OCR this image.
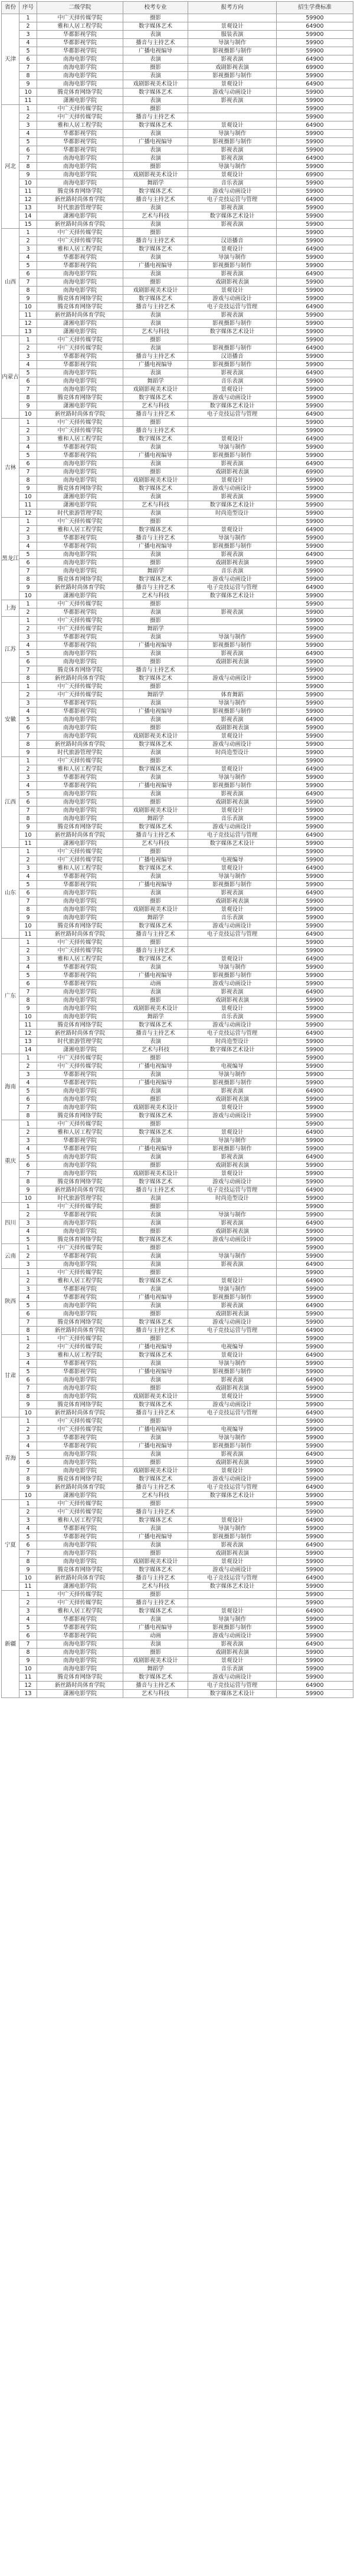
省份	序号	二级学院	校考专业	报考方向	招生学费标准
天津	1	中广天择传媒学院	摄影		59900
	2	雅和人居工程学院	数字媒体艺术	景观设计	64900
	3	华都影视学院	表演	服装表演	59900
	4	华都影视学院	播音与主持艺术	导演与制作	59900
	5	华都影视学院	广播电视编导	影视摄影与制作	59900
	6	南海电影学院	表演	影视表演	64900
	7	南海电影学院	摄影	戏剧影视表演	69900
	8	南海电影学院	表演	影视摄影与制作	59900
	9	南海电影学院	戏剧影视美术设计	景观设计	64900
	10	腾竞体育网络学院	数字媒体艺术	游戏与动画设计	59900
	11	潇湘电影学院	表演	影视表演	59900
河北	1	中广天择传媒学院	摄影		59900
	2	中广天择传媒学院	播音与主持艺术		59900
	3	雅和人居工程学院	数字媒体艺术	景观设计	64900
	4	华都影视学院	表演	导演与制作	59900
	5	华都影视学院	广播电视编导	影视摄影与制作	59900
	6	华都影视学院	表演	影视表演	59900
	7	南海电影学院	表演	影视表演	64900
	8	南海电影学院	摄影	导演与制作	59900
	9	南海电影学院	戏剧影视美术设计	景观设计	69900
	10	南海电影学院	舞蹈学	音乐表演	59900
	11	腾竞体育网络学院	数字媒体艺术	游戏与动画设计	59900
	12	新丝路时尚体育学院	播音与主持艺术	电子竞技运营与管理	64900
	13	时代旅游管理学院	表演	影视表演	59900
	14	潇湘电影学院	艺术与科技	数字媒体艺术设计	59900
	15	新丝路时尚体育学院	表演	影视表演	59900
山西	1	中广天择传媒学院	摄影		59900
	2	中广天择传媒学院	播音与主持艺术	汉语播音	59900
	3	雅和人居工程学院	数字媒体艺术	景观设计	64900
	4	华都影视学院	表演	导演与制作	59900
	5	华都影视学院	广播电视编导	影视摄影与制作	59900
	6	南海电影学院	表演	影视表演	64900
	7	南海电影学院	摄影	戏剧影视表演	59900
	8	南海电影学院	戏剧影视美术设计	景观设计	59900
	9	腾竞体育网络学院	数字媒体艺术	游戏与动画设计	59900
	10	腾竞体育网络学院	播音与主持艺术	电子竞技运营与管理	64900
	11	新丝路时尚体育学院	表演	影视表演	59900
	12	潇湘电影学院	表演	影视摄影与制作	59900
	13	潇湘电影学院	艺术与科技	数字媒体艺术设计	59900
内蒙古	1	中广天择传媒学院	摄影		59900
	2	中广天择传媒学院	表演	影视摄影与制作	64900
	3	华都影视学院	播音与主持艺术	汉语播音	59900
	4	华都影视学院	广播电视编导	影视摄影与制作	59900
	5	南海电影学院	表演	影视表演	64900
	6	南海电影学院	舞蹈学	音乐表演	59900
	7	南海电影学院	戏剧影视美术设计	景观设计	59900
	8	腾竞体育网络学院	数字媒体艺术	游戏与动画设计	59900
	9	潇湘电影学院	艺术与科技	数字媒体艺术设计	59900
	10	新丝路时尚体育学院	播音与主持艺术	电子竞技运营与管理	64900
吉林	1	中广天择传媒学院	摄影		59900
	2	中广天择传媒学院	播音与主持艺术		59900
	3	雅和人居工程学院	数字媒体艺术	景观设计	64900
	4	华都影视学院	表演	导演与制作	59900
	5	华都影视学院	广播电视编导	影视摄影与制作	59900
	6	南海电影学院	表演	影视表演	64900
	7	南海电影学院	摄影	戏剧影视表演	69900
	8	南海电影学院	戏剧影视美术设计	景观设计	59900
	9	腾竞体育网络学院	数字媒体艺术	游戏与动画设计	59900
	10	潇湘电影学院	表演	影视表演	59900
	11	潇湘电影学院	艺术与科技	数字媒体艺术设计	59900
	12	时代旅游管理学院	表演	时尚造型设计	59900
黑龙江	1	中广天择传媒学院	摄影		59900
	2	雅和人居工程学院	数字媒体艺术	景观设计	64900
	3	华都影视学院	播音与主持艺术	导演与制作	59900
	4	华都影视学院	广播电视编导	影视摄影与制作	59900
	5	南海电影学院	表演	影视表演	64900
	6	南海电影学院	摄影	戏剧影视表演	59900
	7	南海电影学院	舞蹈学	音乐表演	59900
	8	腾竞体育网络学院	数字媒体艺术	游戏与动画设计	59900
	9	新丝路时尚体育学院	播音与主持艺术	电子竞技运营与管理	64900
	10	潇湘电影学院	艺术与科技	数字媒体艺术设计	59900
上海	1	中广天择传媒学院	摄影		59900
	2	华都影视学院	表演	影视表演	59900
江苏	1	中广天择传媒学院	摄影		59900
	2	中广天择传媒学院	舞蹈学		59900
	3	华都影视学院	表演	导演与制作	59900
	4	华都影视学院	广播电视编导	影视摄影与制作	59900
	5	南海电影学院	表演	影视表演	64900
	6	南海电影学院	摄影	戏剧影视表演	59900
	7	腾竞体育网络学院	播音与主持艺术		59900
	8	新丝路时尚体育学院	数字媒体艺术	游戏与动画设计	59900
安徽	1	中广天择传媒学院	摄影		59900
	2	中广天择传媒学院	舞蹈学	体育舞蹈	59900
	3	华都影视学院	表演	导演与制作	59900
	4	华都影视学院	广播电视编导	影视摄影与制作	59900
	5	南海电影学院	表演	影视表演	64900
	6	南海电影学院	摄影	戏剧影视表演	59900
	7	南海电影学院	戏剧影视美术设计	景观设计	59900
	8	新丝路时尚体育学院	数字媒体艺术	游戏与动画设计	59900
	9	时代旅游管理学院	表演	时尚造型设计	59900
江西	1	中广天择传媒学院	摄影		59900
	2	雅和人居工程学院	数字媒体艺术	景观设计	64900
	3	华都影视学院	表演	导演与制作	59900
	4	华都影视学院	广播电视编导	影视摄影与制作	59900
	5	南海电影学院	表演	影视表演	64900
	6	南海电影学院	摄影	戏剧影视表演	59900
	7	南海电影学院	戏剧影视美术设计	景观设计	59900
	8	南海电影学院	舞蹈学	音乐表演	59900
	9	腾竞体育网络学院	数字媒体艺术	游戏与动画设计	59900
	10	新丝路时尚体育学院	播音与主持艺术	电子竞技运营与管理	64900
	11	潇湘电影学院	艺术与科技	数字媒体艺术设计	59900
山东	1	中广天择传媒学院	摄影		59900
	2	中广天择传媒学院	广播电视编导	电视编导	59900
	3	雅和人居工程学院	数字媒体艺术	景观设计	64900
	4	华都影视学院	表演	导演与制作	59900
	5	华都影视学院	广播电视编导	影视摄影与制作	59900
	6	南海电影学院	表演	影视表演	64900
	7	南海电影学院	摄影	戏剧影视表演	59900
	8	南海电影学院	戏剧影视美术设计	景观设计	59900
	9	南海电影学院	舞蹈学	音乐表演	59900
	10	腾竞体育网络学院	数字媒体艺术	游戏与动画设计	59900
	11	新丝路时尚体育学院	播音与主持艺术	电子竞技运营与管理	64900
广东	1	中广天择传媒学院	摄影		59900
	2	中广天择传媒学院	播音与主持艺术		59900
	3	雅和人居工程学院	数字媒体艺术	景观设计	64900
	4	华都影视学院	表演	导演与制作	59900
	5	华都影视学院	广播电视编导	影视摄影与制作	59900
	6	华都影视学院	动画	游戏与动画设计	59900
	7	南海电影学院	表演	影视表演	64900
	8	南海电影学院	摄影	戏剧影视表演	59900
	9	南海电影学院	戏剧影视美术设计	景观设计	59900
	10	南海电影学院	舞蹈学	音乐表演	59900
	11	腾竞体育网络学院	数字媒体艺术	游戏与动画设计	59900
	12	新丝路时尚体育学院	播音与主持艺术	电子竞技运营与管理	64900
	13	时代旅游管理学院	表演	时尚造型设计	59900
	14	潇湘电影学院	艺术与科技	数字媒体艺术设计	59900
海南	1	中广天择传媒学院	摄影		59900
	2	中广天择传媒学院	广播电视编导	电视编导	59900
	3	华都影视学院	表演	导演与制作	59900
	4	华都影视学院	广播电视编导	影视摄影与制作	59900
	5	南海电影学院	表演	影视表演	64900
	6	南海电影学院	摄影	戏剧影视表演	59900
	7	南海电影学院	戏剧影视美术设计	景观设计	59900
	8	腾竞体育网络学院	数字媒体艺术	游戏与动画设计	59900
重庆	1	中广天择传媒学院	摄影		59900
	2	雅和人居工程学院	数字媒体艺术	景观设计	64900
	3	华都影视学院	表演	导演与制作	59900
	4	华都影视学院	广播电视编导	影视摄影与制作	59900
	5	南海电影学院	表演	影视表演	64900
	6	南海电影学院	摄影	戏剧影视表演	59900
	7	南海电影学院	戏剧影视美术设计	景观设计	59900
	8	腾竞体育网络学院	数字媒体艺术	游戏与动画设计	59900
	9	新丝路时尚体育学院	播音与主持艺术	电子竞技运营与管理	64900
	10	时代旅游管理学院	表演	时尚造型设计	59900
四川	1	中广天择传媒学院	摄影		59900
	2	华都影视学院	表演	导演与制作	59900
	3	南海电影学院	表演	影视表演	64900
	4	南海电影学院	摄影	戏剧影视表演	59900
	5	腾竞体育网络学院	数字媒体艺术	游戏与动画设计	59900
云南	1	中广天择传媒学院	摄影		59900
	2	华都影视学院	表演	导演与制作	59900
	3	南海电影学院	表演	影视表演	64900
陕西	1	中广天择传媒学院	摄影		59900
	2	雅和人居工程学院	数字媒体艺术	景观设计	64900
	3	华都影视学院	表演	导演与制作	59900
	4	华都影视学院	广播电视编导	影视摄影与制作	59900
	5	南海电影学院	表演	影视表演	64900
	6	南海电影学院	摄影	戏剧影视表演	59900
	7	腾竞体育网络学院	数字媒体艺术	游戏与动画设计	59900
	8	新丝路时尚体育学院	播音与主持艺术	电子竞技运营与管理	64900
甘肃	1	中广天择传媒学院	摄影		59900
	2	中广天择传媒学院	广播电视编导	电视编导	59900
	3	雅和人居工程学院	数字媒体艺术	景观设计	64900
	4	华都影视学院	表演	导演与制作	59900
	5	华都影视学院	广播电视编导	影视摄影与制作	59900
	6	南海电影学院	表演	影视表演	64900
	7	南海电影学院	摄影	戏剧影视表演	59900
	8	南海电影学院	戏剧影视美术设计	景观设计	59900
	9	腾竞体育网络学院	数字媒体艺术	游戏与动画设计	59900
	10	新丝路时尚体育学院	播音与主持艺术	电子竞技运营与管理	64900
青海	1	中广天择传媒学院	摄影		59900
	2	中广天择传媒学院	广播电视编导	电视编导	59900
	3	华都影视学院	表演	导演与制作	59900
	4	华都影视学院	广播电视编导	影视摄影与制作	59900
	5	南海电影学院	表演	影视表演	64900
	6	南海电影学院	摄影	戏剧影视表演	59900
	7	南海电影学院	戏剧影视美术设计	景观设计	59900
	8	腾竞体育网络学院	数字媒体艺术	游戏与动画设计	59900
	9	新丝路时尚体育学院	播音与主持艺术	电子竞技运营与管理	64900
	10	潇湘电影学院	艺术与科技	数字媒体艺术设计	59900
宁夏	1	中广天择传媒学院	摄影		59900
	2	中广天择传媒学院	播音与主持艺术		59900
	3	雅和人居工程学院	数字媒体艺术	景观设计	64900
	4	华都影视学院	表演	导演与制作	59900
	5	华都影视学院	广播电视编导	影视摄影与制作	59900
	6	南海电影学院	表演	影视表演	64900
	7	南海电影学院	摄影	戏剧影视表演	59900
	8	南海电影学院	戏剧影视美术设计	景观设计	59900
	9	腾竞体育网络学院	数字媒体艺术	游戏与动画设计	59900
	10	新丝路时尚体育学院	播音与主持艺术	电子竞技运营与管理	64900
	11	潇湘电影学院	艺术与科技	数字媒体艺术设计	59900
新疆	1	中广天择传媒学院	摄影		59900
	2	中广天择传媒学院	播音与主持艺术		59900
	3	雅和人居工程学院	数字媒体艺术	景观设计	64900
	4	华都影视学院	表演	导演与制作	59900
	5	华都影视学院	广播电视编导	影视摄影与制作	59900
	6	华都影视学院	动画	游戏与动画设计	59900
	7	南海电影学院	表演	影视表演	64900
	8	南海电影学院	摄影	戏剧影视表演	59900
	9	南海电影学院	戏剧影视美术设计	景观设计	59900
	10	南海电影学院	舞蹈学	音乐表演	59900
	11	腾竞体育网络学院	数字媒体艺术	游戏与动画设计	59900
	12	新丝路时尚体育学院	播音与主持艺术	电子竞技运营与管理	64900
	13	潇湘电影学院	艺术与科技	数字媒体艺术设计	59900
